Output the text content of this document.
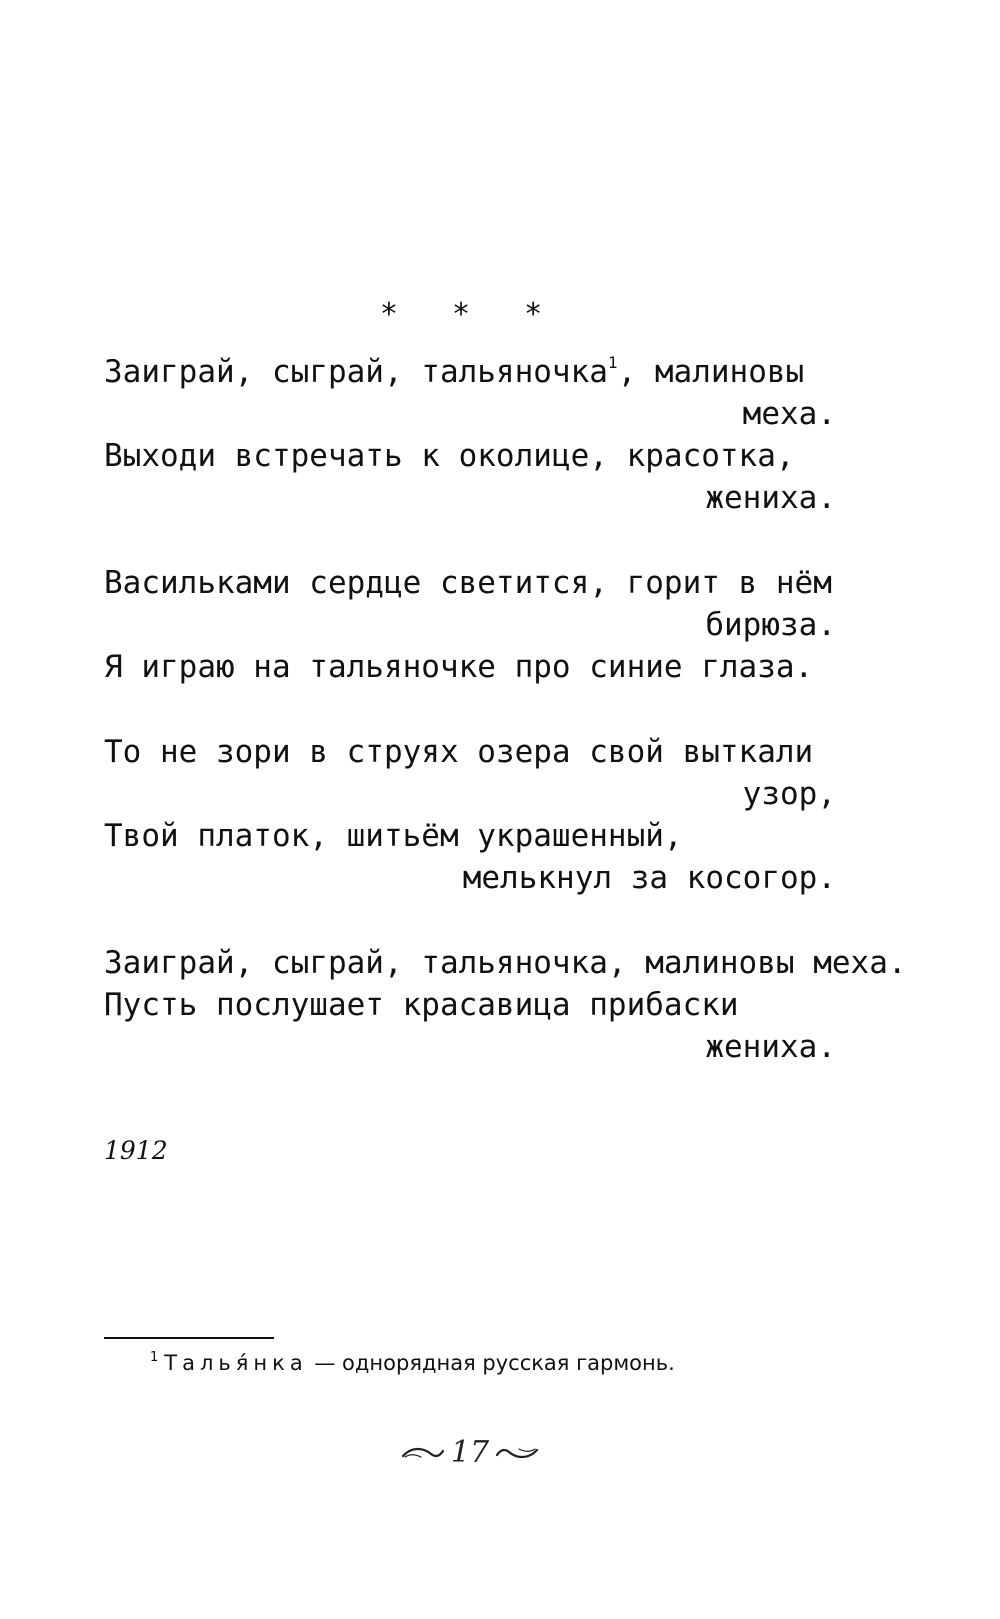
* * *
Заиграй, сыграй, тальяночка$^1$, малиновы
меха.
Выходи встречать к околице, красотка,
жениха.
Васильками сердце светится, горит в нём
бирюза.
Я играю на тальяночке про синие глаза.
То не зори в струях озера свой выткали
узор,
Твой платок, шитьём украшенный,
мелькнул за косогор.
Заиграй, сыграй, тальяночка, малиновы меха.
Пусть послушает красавица прибаски
жениха.
1912
$^1$ Талья́нка — однорядная русская гармонь.
17
